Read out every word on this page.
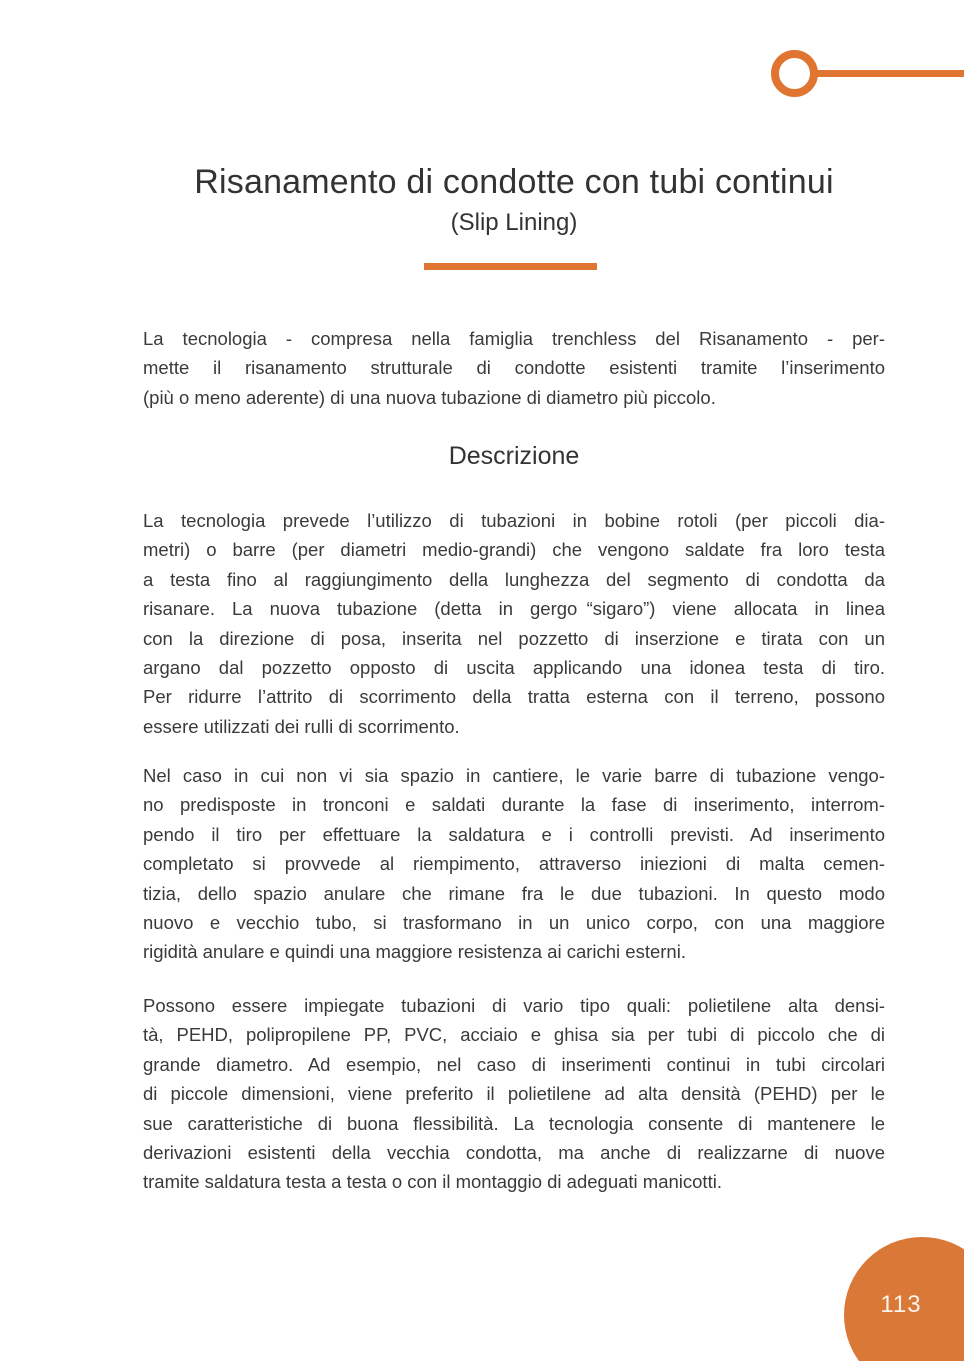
Risanamento di condotte con tubi continui
(Slip Lining)
La tecnologia - compresa nella famiglia trenchless del Risanamento - per-
mette il risanamento strutturale di condotte esistenti tramite l’inserimento
(più o meno aderente) di una nuova tubazione di diametro più piccolo.
Descrizione
La tecnologia prevede l’utilizzo di tubazioni in bobine rotoli (per piccoli dia-
metri) o barre (per diametri medio-grandi) che vengono saldate fra loro testa
a testa fino al raggiungimento della lunghezza del segmento di condotta da
risanare. La nuova tubazione (detta in gergo “sigaro”) viene allocata in linea
con la direzione di posa, inserita nel pozzetto di inserzione e tirata con un
argano dal pozzetto opposto di uscita applicando una idonea testa di tiro.
Per ridurre l’attrito di scorrimento della tratta esterna con il terreno, possono
essere utilizzati dei rulli di scorrimento.
Nel caso in cui non vi sia spazio in cantiere, le varie barre di tubazione vengo-
no predisposte in tronconi e saldati durante la fase di inserimento, interrom-
pendo il tiro per effettuare la saldatura e i controlli previsti. Ad inserimento
completato si provvede al riempimento, attraverso iniezioni di malta cemen-
tizia, dello spazio anulare che rimane fra le due tubazioni. In questo modo
nuovo e vecchio tubo, si trasformano in un unico corpo, con una maggiore
rigidità anulare e quindi una maggiore resistenza ai carichi esterni.
Possono essere impiegate tubazioni di vario tipo quali: polietilene alta densi-
tà, PEHD, polipropilene PP, PVC, acciaio e ghisa sia per tubi di piccolo che di
grande diametro. Ad esempio, nel caso di inserimenti continui in tubi circolari
di piccole dimensioni, viene preferito il polietilene ad alta densità (PEHD) per le
sue caratteristiche di buona flessibilità. La tecnologia consente di mantenere le
derivazioni esistenti della vecchia condotta, ma anche di realizzarne di nuove
tramite saldatura testa a testa o con il montaggio di adeguati manicotti.
113
